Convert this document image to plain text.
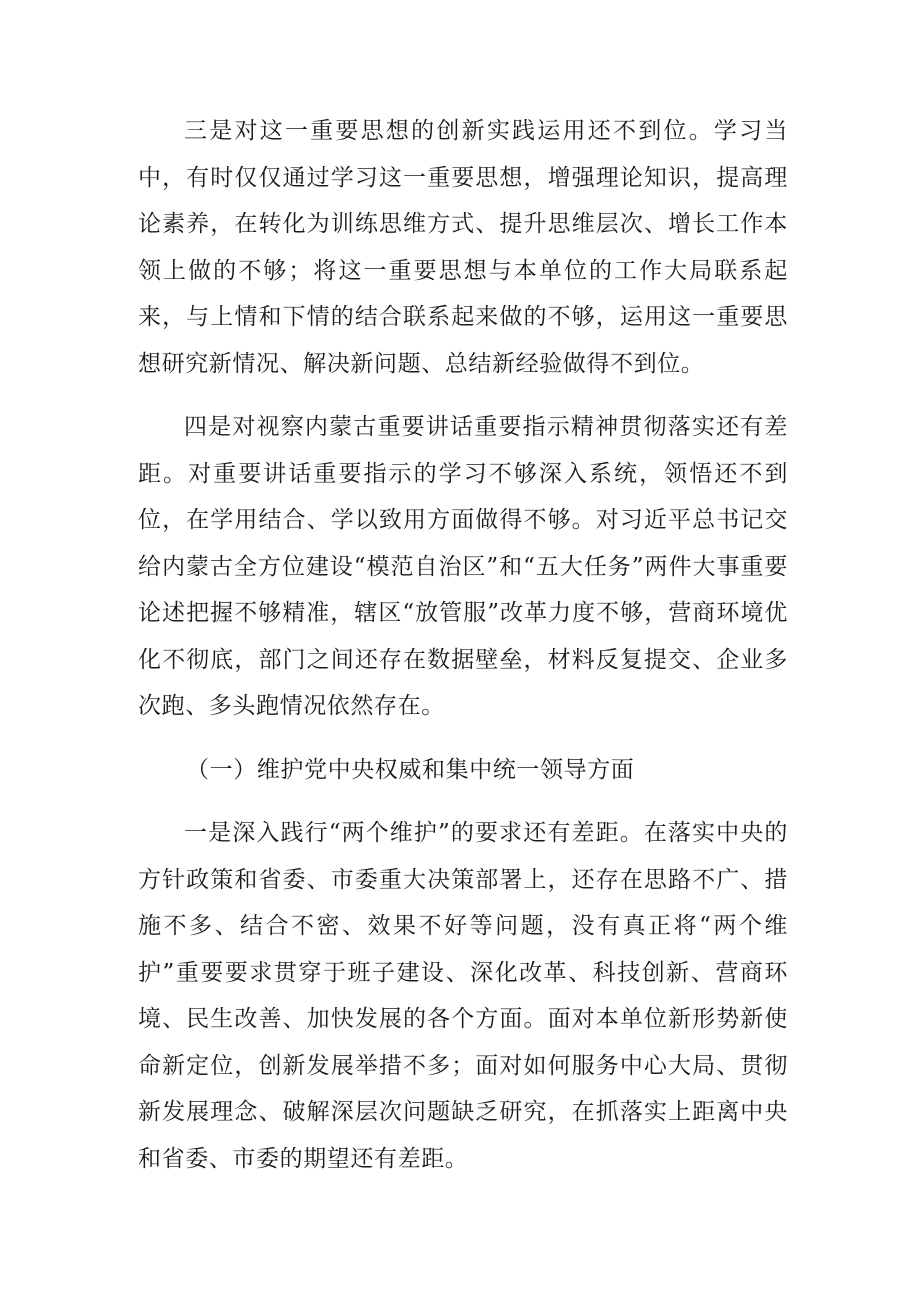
三是对这一重要思想的创新实践运用还不到位。学习当中，有时仅仅通过学习这一重要思想，增强理论知识，提高理论素养，在转化为训练思维方式、提升思维层次、增长工作本领上做的不够；将这一重要思想与本单位的工作大局联系起来，与上情和下情的结合联系起来做的不够，运用这一重要思想研究新情况、解决新问题、总结新经验做得不到位。

四是对视察内蒙古重要讲话重要指示精神贯彻落实还有差距。对重要讲话重要指示的学习不够深入系统，领悟还不到位，在学用结合、学以致用方面做得不够。对习近平总书记交给内蒙古全方位建设“模范自治区”和“五大任务”两件大事重要论述把握不够精准，辖区“放管服”改革力度不够，营商环境优化不彻底，部门之间还存在数据壁垒，材料反复提交、企业多次跑、多头跑情况依然存在。

（一）维护党中央权威和集中统一领导方面

一是深入践行“两个维护”的要求还有差距。在落实中央的方针政策和省委、市委重大决策部署上，还存在思路不广、措施不多、结合不密、效果不好等问题，没有真正将“两个维护”重要要求贯穿于班子建设、深化改革、科技创新、营商环境、民生改善、加快发展的各个方面。面对本单位新形势新使命新定位，创新发展举措不多；面对如何服务中心大局、贯彻新发展理念、破解深层次问题缺乏研究，在抓落实上距离中央和省委、市委的期望还有差距。
